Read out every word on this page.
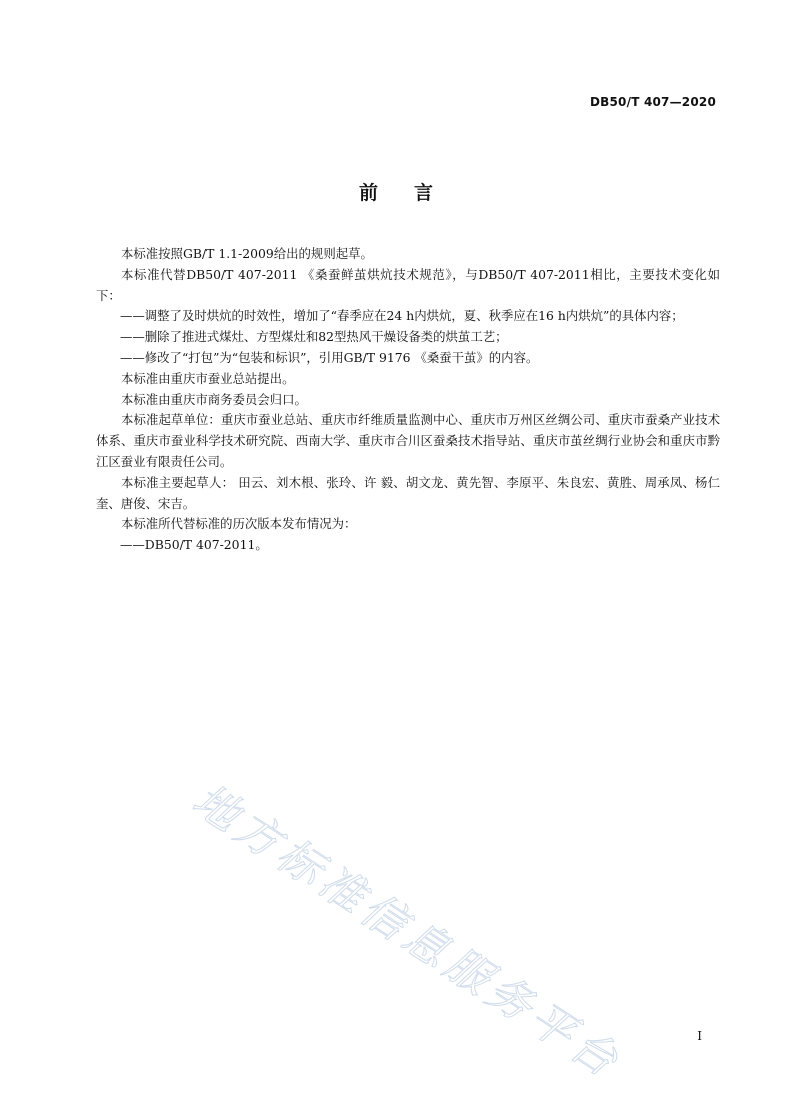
DB50/T 407—2020
前言

本标准按照GB/T 1.1-2009给出的规则起草。

本标准代替DB50/T 407-2011 《桑蚕鲜茧烘炕技术规范》，与DB50/T 407-2011相比，主要技术变化如下：

——调整了及时烘炕的时效性，增加了“春季应在24 h内烘炕，夏、秋季应在16 h内烘炕”的具体内容；

——删除了推进式煤灶、方型煤灶和82型热风干燥设备类的烘茧工艺；

——修改了“打包”为“包装和标识”，引用GB/T 9176 《桑蚕干茧》的内容。

本标准由重庆市蚕业总站提出。

本标准由重庆市商务委员会归口。

本标准起草单位：重庆市蚕业总站、重庆市纤维质量监测中心、重庆市万州区丝绸公司、重庆市蚕桑产业技术体系、重庆市蚕业科学技术研究院、西南大学、重庆市合川区蚕桑技术指导站、重庆市茧丝绸行业协会和重庆市黔江区蚕业有限责任公司。

本标准主要起草人： 田云、刘木根、张玲、许 毅、胡文龙、黄先智、李原平、朱良宏、黄胜、周承凤、杨仁奎、唐俊、宋吉。

本标准所代替标准的历次版本发布情况为：

——DB50/T 407-2011。

地方标准信息服务平台	I
